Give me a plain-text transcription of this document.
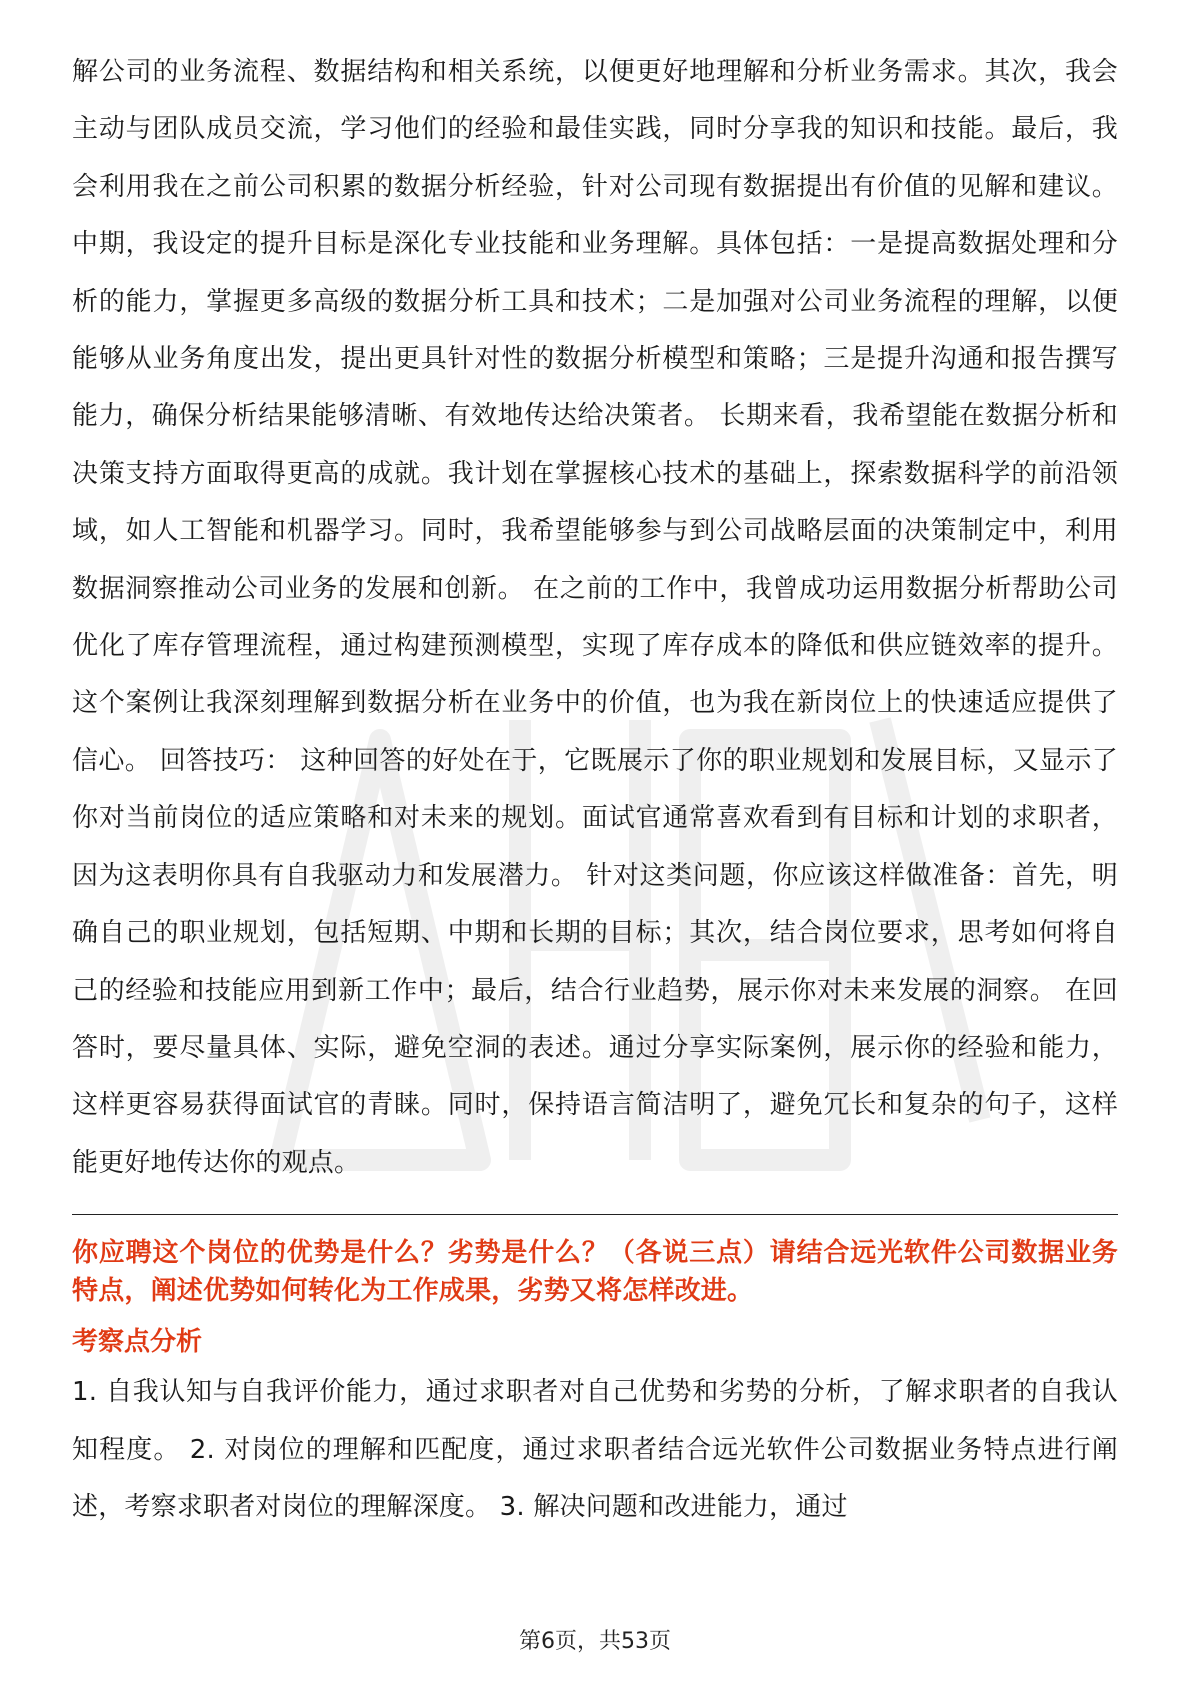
解公司的业务流程、数据结构和相关系统，以便更好地理解和分析业务需求。其次，我会主动与团队成员交流，学习他们的经验和最佳实践，同时分享我的知识和技能。最后，我会利用我在之前公司积累的数据分析经验，针对公司现有数据提出有价值的见解和建议。 中期，我设定的提升目标是深化专业技能和业务理解。具体包括：一是提高数据处理和分析的能力，掌握更多高级的数据分析工具和技术；二是加强对公司业务流程的理解，以便能够从业务角度出发，提出更具针对性的数据分析模型和策略；三是提升沟通和报告撰写能力，确保分析结果能够清晰、有效地传达给决策者。 长期来看，我希望能在数据分析和决策支持方面取得更高的成就。我计划在掌握核心技术的基础上，探索数据科学的前沿领域，如人工智能和机器学习。同时，我希望能够参与到公司战略层面的决策制定中，利用数据洞察推动公司业务的发展和创新。 在之前的工作中，我曾成功运用数据分析帮助公司优化了库存管理流程，通过构建预测模型，实现了库存成本的降低和供应链效率的提升。这个案例让我深刻理解到数据分析在业务中的价值，也为我在新岗位上的快速适应提供了信心。 回答技巧： 这种回答的好处在于，它既展示了你的职业规划和发展目标，又显示了你对当前岗位的适应策略和对未来的规划。面试官通常喜欢看到有目标和计划的求职者，因为这表明你具有自我驱动力和发展潜力。 针对这类问题，你应该这样做准备：首先，明确自己的职业规划，包括短期、中期和长期的目标；其次，结合岗位要求，思考如何将自己的经验和技能应用到新工作中；最后，结合行业趋势，展示你对未来发展的洞察。 在回答时，要尽量具体、实际，避免空洞的表述。通过分享实际案例，展示你的经验和能力，这样更容易获得面试官的青睐。同时，保持语言简洁明了，避免冗长和复杂的句子，这样能更好地传达你的观点。

你应聘这个岗位的优势是什么？劣势是什么？（各说三点）请结合远光软件公司数据业务特点，阐述优势如何转化为工作成果，劣势又将怎样改进。

考察点分析

1. 自我认知与自我评价能力，通过求职者对自己优势和劣势的分析，了解求职者的自我认知程度。 2. 对岗位的理解和匹配度，通过求职者结合远光软件公司数据业务特点进行阐述，考察求职者对岗位的理解深度。 3. 解决问题和改进能力，通过

第6页，共53页
